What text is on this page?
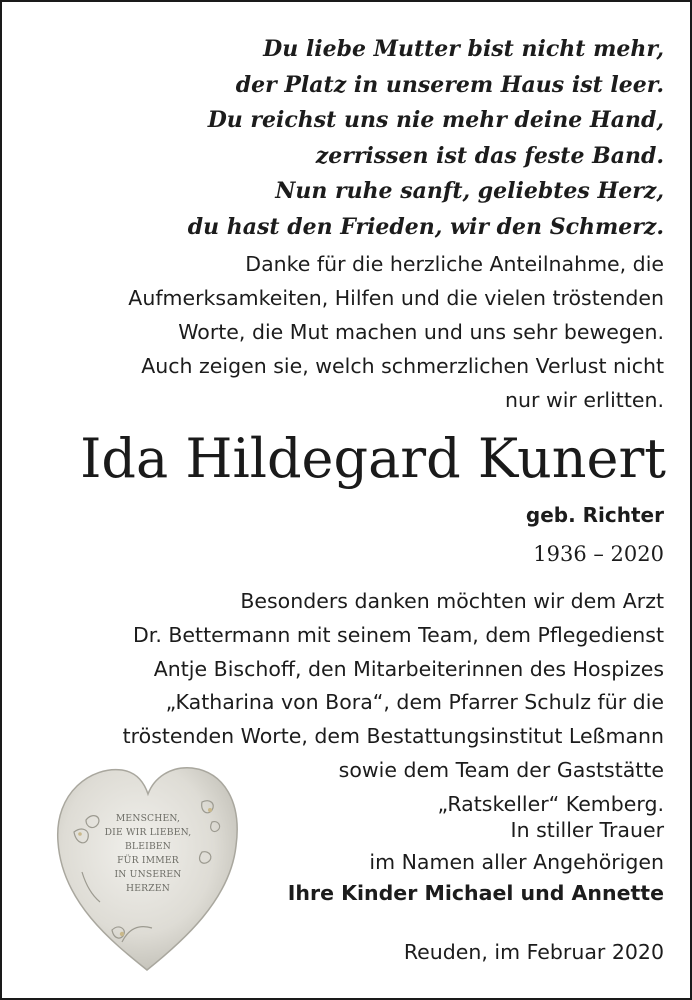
Du liebe Mutter bist nicht mehr,
der Platz in unserem Haus ist leer.
Du reichst uns nie mehr deine Hand,
zerrissen ist das feste Band.
Nun ruhe sanft, geliebtes Herz,
du hast den Frieden, wir den Schmerz.
Danke für die herzliche Anteilnahme, die
Aufmerksamkeiten, Hilfen und die vielen tröstenden
Worte, die Mut machen und uns sehr bewegen.
Auch zeigen sie, welch schmerzlichen Verlust nicht
nur wir erlitten.
Ida Hildegard Kunert
geb. Richter
1936 – 2020
Besonders danken möchten wir dem Arzt
Dr. Bettermann mit seinem Team, dem Pflegedienst
Antje Bischoff, den Mitarbeiterinnen des Hospizes
„Katharina von Bora“, dem Pfarrer Schulz für die
tröstenden Worte, dem Bestattungsinstitut Leßmann
sowie dem Team der Gaststätte
„Ratskeller“ Kemberg.
MENSCHEN,
DIE WIR LIEBEN,
BLEIBEN
FÜR IMMER
IN UNSEREN
HERZEN
In stiller Trauer
im Namen aller Angehörigen
Ihre Kinder Michael und Annette
Reuden, im Februar 2020
